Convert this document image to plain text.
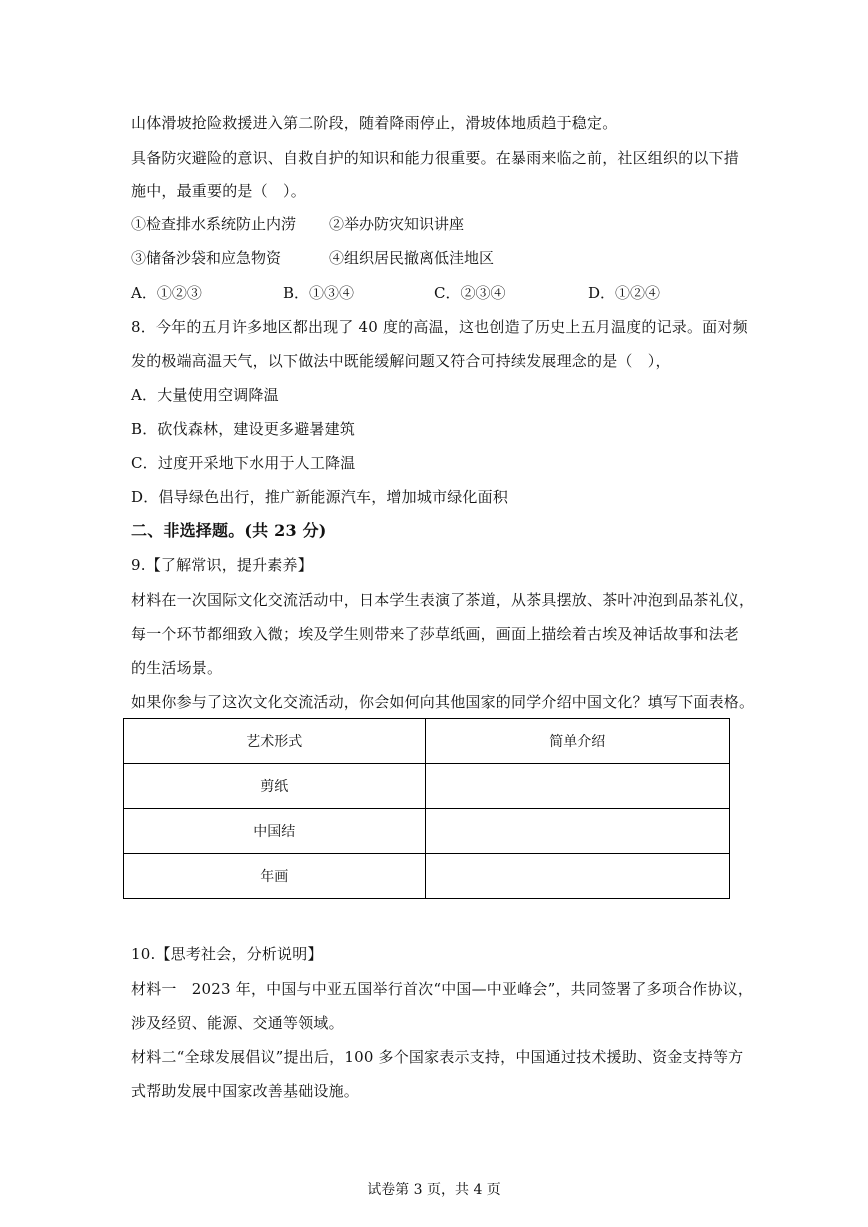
山体滑坡抢险救援进入第二阶段，随着降雨停止，滑坡体地质趋于稳定。
具备防灾避险的意识、自救自护的知识和能力很重要。在暴雨来临之前，社区组织的以下措
施中，最重要的是（　）。
①检查排水系统防止内涝 ②举办防灾知识讲座
③储备沙袋和应急物资	④组织居民撤离低洼地区
A．①②③	B．①③④	C．②③④	D．①②④
8．今年的五月许多地区都出现了 40 度的高温，这也创造了历史上五月温度的记录。面对频
发的极端高温天气，以下做法中既能缓解问题又符合可持续发展理念的是（　），
A．大量使用空调降温
B．砍伐森林，建设更多避暑建筑
C．过度开采地下水用于人工降温
D．倡导绿色出行，推广新能源汽车，增加城市绿化面积
二、非选择题。(共 23 分)
9.【了解常识，提升素养】
材料在一次国际文化交流活动中，日本学生表演了茶道，从茶具摆放、茶叶冲泡到品茶礼仪，
每一个环节都细致入微；埃及学生则带来了莎草纸画，画面上描绘着古埃及神话故事和法老
的生活场景。
如果你参与了这次文化交流活动，你会如何向其他国家的同学介绍中国文化？填写下面表格。
艺术形式	简单介绍
剪纸	
中国结	
年画	
10.【思考社会，分析说明】
材料一　2023 年，中国与中亚五国举行首次“中国—中亚峰会”，共同签署了多项合作协议，
涉及经贸、能源、交通等领域。
材料二“全球发展倡议”提出后，100 多个国家表示支持，中国通过技术援助、资金支持等方
式帮助发展中国家改善基础设施。
试卷第 3 页，共 4 页
